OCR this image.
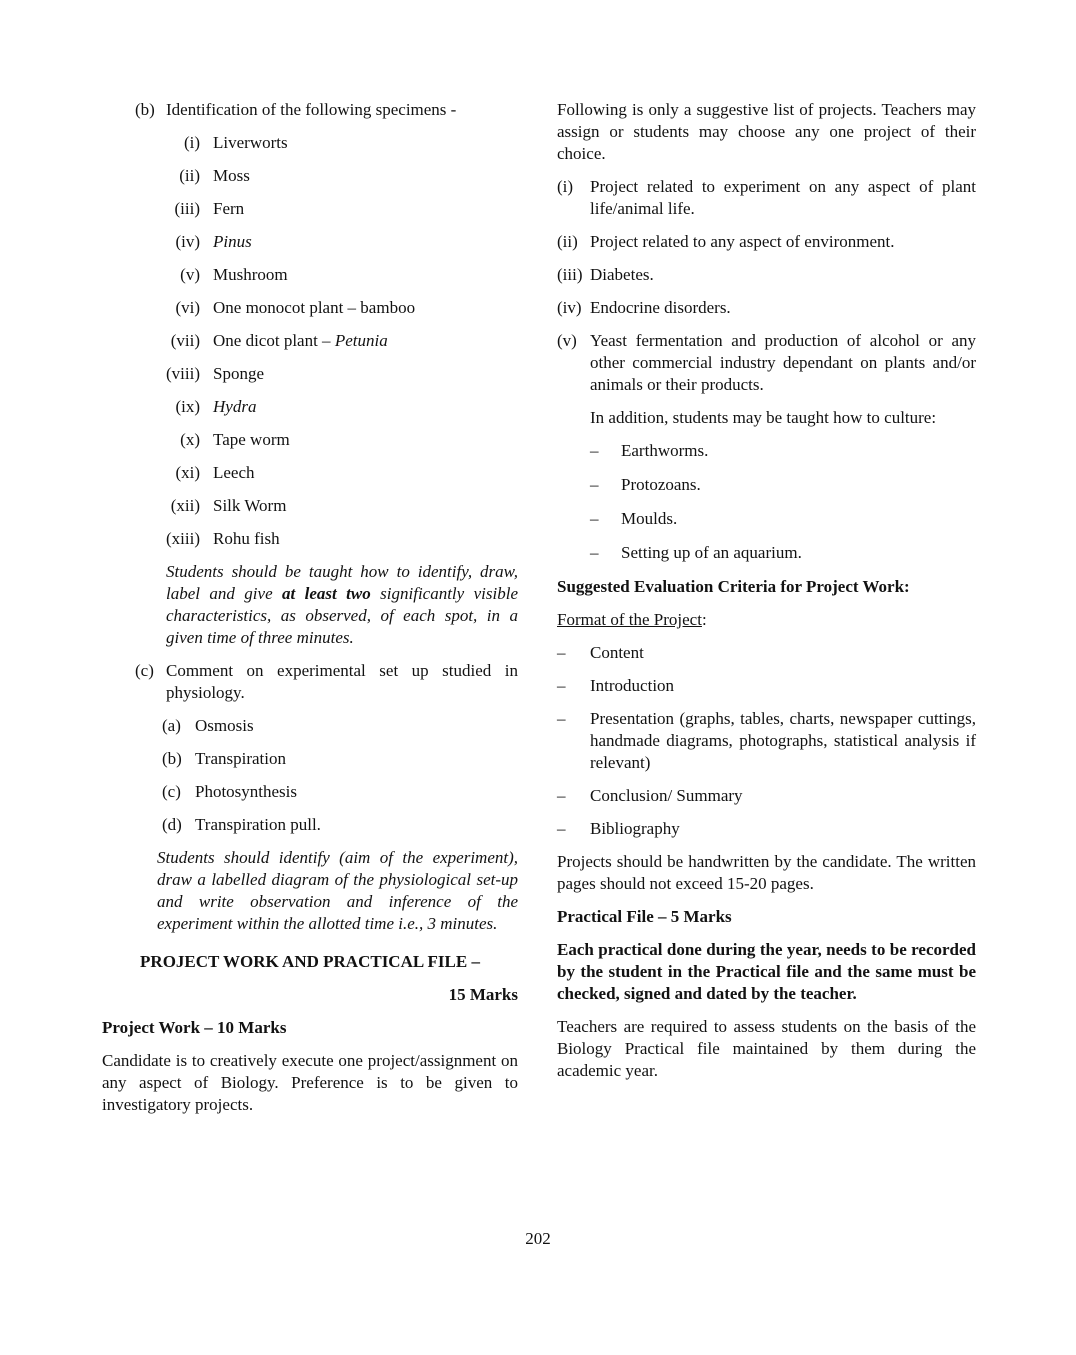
(b) Identification of the following specimens -
(i) Liverworts
(ii) Moss
(iii) Fern
(iv) Pinus
(v) Mushroom
(vi) One monocot plant – bamboo
(vii) One dicot plant – Petunia
(viii) Sponge
(ix) Hydra
(x) Tape worm
(xi) Leech
(xii) Silk Worm
(xiii) Rohu fish
Students should be taught how to identify, draw, label and give at least two significantly visible characteristics, as observed, of each spot, in a given time of three minutes.
(c) Comment on experimental set up studied in physiology.
(a) Osmosis
(b) Transpiration
(c) Photosynthesis
(d) Transpiration pull.
Students should identify (aim of the experiment), draw a labelled diagram of the physiological set-up and write observation and inference of the experiment within the allotted time i.e., 3 minutes.
PROJECT WORK AND PRACTICAL FILE –
15 Marks
Project Work – 10 Marks
Candidate is to creatively execute one project/assignment on any aspect of Biology. Preference is to be given to investigatory projects.
Following is only a suggestive list of projects. Teachers may assign or students may choose any one project of their choice.
(i) Project related to experiment on any aspect of plant life/animal life.
(ii) Project related to any aspect of environment.
(iii) Diabetes.
(iv) Endocrine disorders.
(v) Yeast fermentation and production of alcohol or any other commercial industry dependant on plants and/or animals or their products.
In addition, students may be taught how to culture:
– Earthworms.
– Protozoans.
– Moulds.
– Setting up of an aquarium.
Suggested Evaluation Criteria for Project Work:
Format of the Project:
– Content
– Introduction
– Presentation (graphs, tables, charts, newspaper cuttings, handmade diagrams, photographs, statistical analysis if relevant)
– Conclusion/ Summary
– Bibliography
Projects should be handwritten by the candidate. The written pages should not exceed 15-20 pages.
Practical File – 5 Marks
Each practical done during the year, needs to be recorded by the student in the Practical file and the same must be checked, signed and dated by the teacher.
Teachers are required to assess students on the basis of the Biology Practical file maintained by them during the academic year.
202
